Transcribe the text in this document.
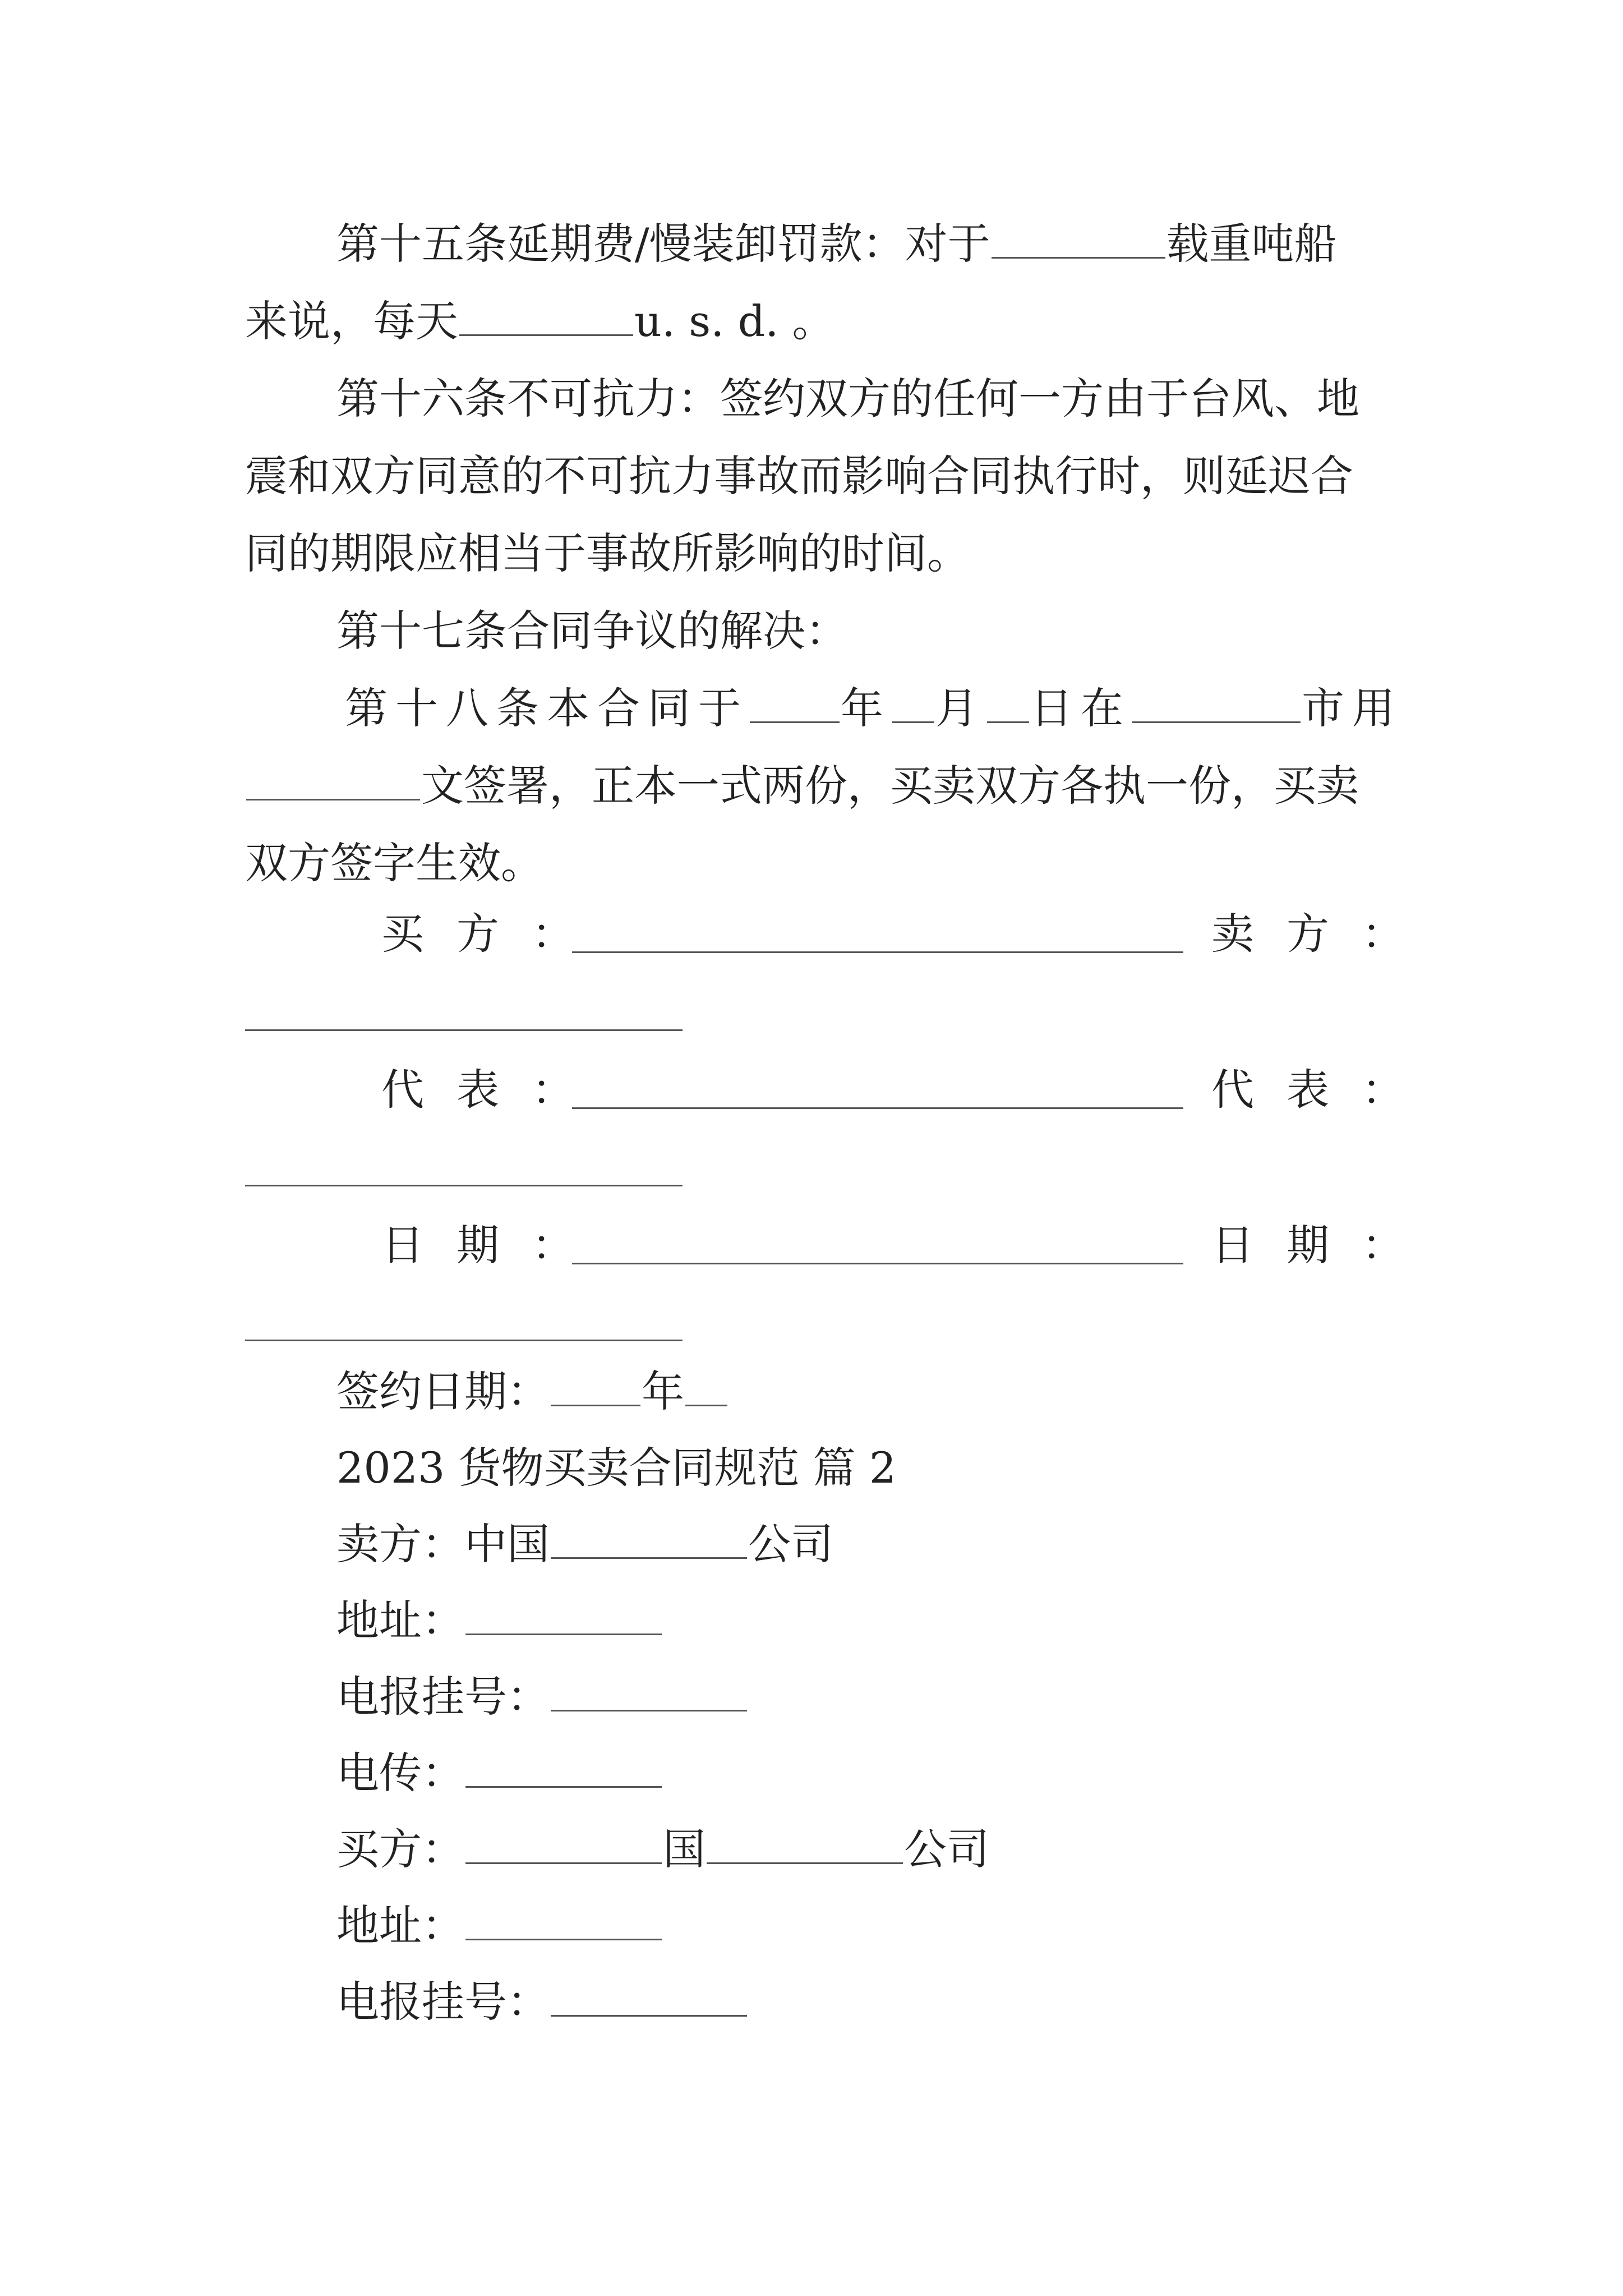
第十五条延期费/慢装卸罚款：对于	载重吨船
来说，每天	u. s. d. 。
第十六条不可抗力：签约双方的任何一方由于台风、地
震和双方同意的不可抗力事故而影响合同执行时，则延迟合
同的期限应相当于事故所影响的时间。
第十七条合同争议的解决：
第十八条本合同于 年 月 日在	市用
文签署，正本一式两份，买卖双方各执一份，买卖
双方签字生效。
买方：	卖方：
代表：	代表：
日期：	日期：
签约日期： 年
2023 货物买卖合同规范 篇 2
卖方：中国	公司
地址：
电报挂号：
电传：
买方：	国	公司
地址：
电报挂号：
